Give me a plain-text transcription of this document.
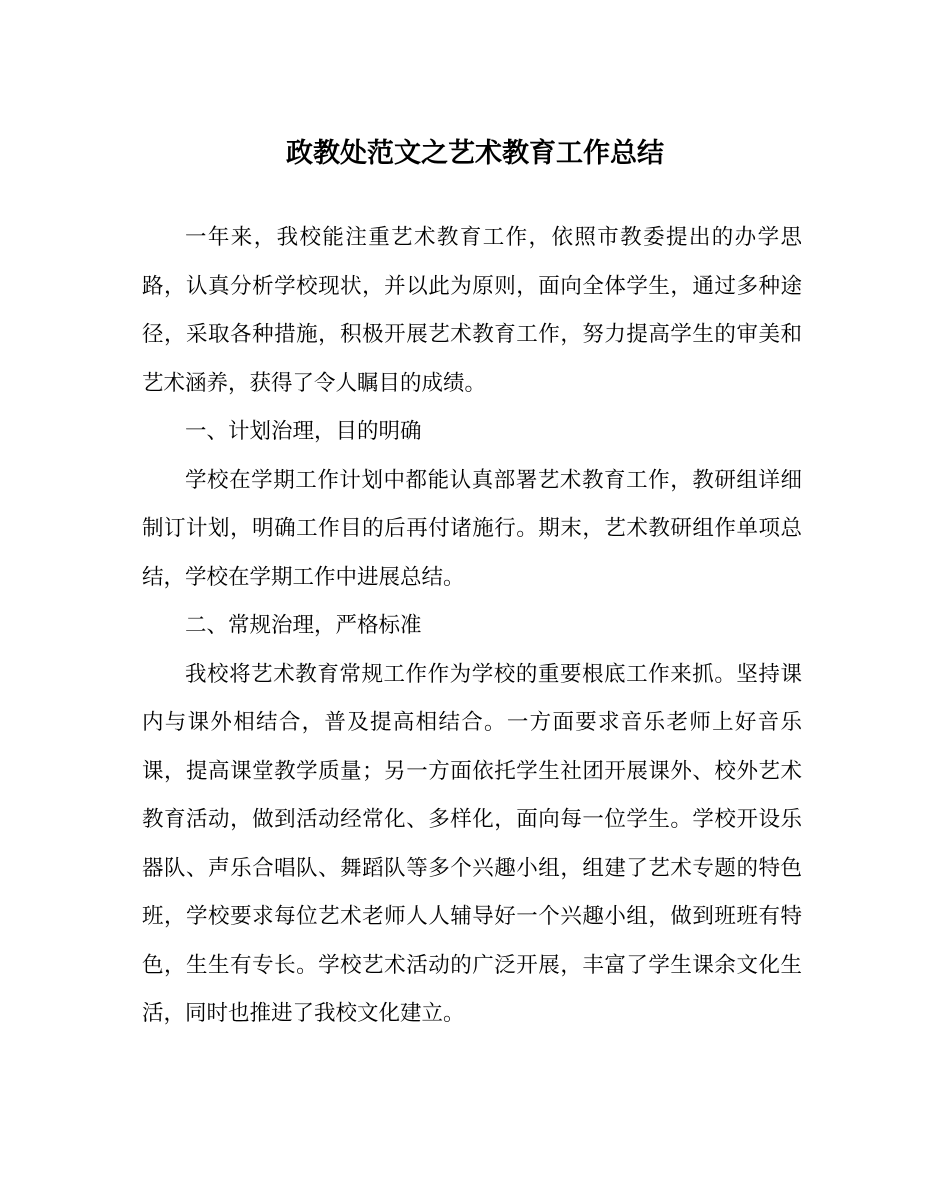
政教处范文之艺术教育工作总结

一年来，我校能注重艺术教育工作，依照市教委提出的办学思路，认真分析学校现状，并以此为原则，面向全体学生，通过多种途径，采取各种措施，积极开展艺术教育工作，努力提高学生的审美和艺术涵养，获得了令人瞩目的成绩。

一、计划治理，目的明确

学校在学期工作计划中都能认真部署艺术教育工作，教研组详细制订计划，明确工作目的后再付诸施行。期末，艺术教研组作单项总结，学校在学期工作中进展总结。

二、常规治理，严格标准

我校将艺术教育常规工作作为学校的重要根底工作来抓。坚持课内与课外相结合，普及提高相结合。一方面要求音乐老师上好音乐课，提高课堂教学质量；另一方面依托学生社团开展课外、校外艺术教育活动，做到活动经常化、多样化，面向每一位学生。学校开设乐器队、声乐合唱队、舞蹈队等多个兴趣小组，组建了艺术专题的特色班，学校要求每位艺术老师人人辅导好一个兴趣小组，做到班班有特色，生生有专长。学校艺术活动的广泛开展，丰富了学生课余文化生活，同时也推进了我校文化建立。
